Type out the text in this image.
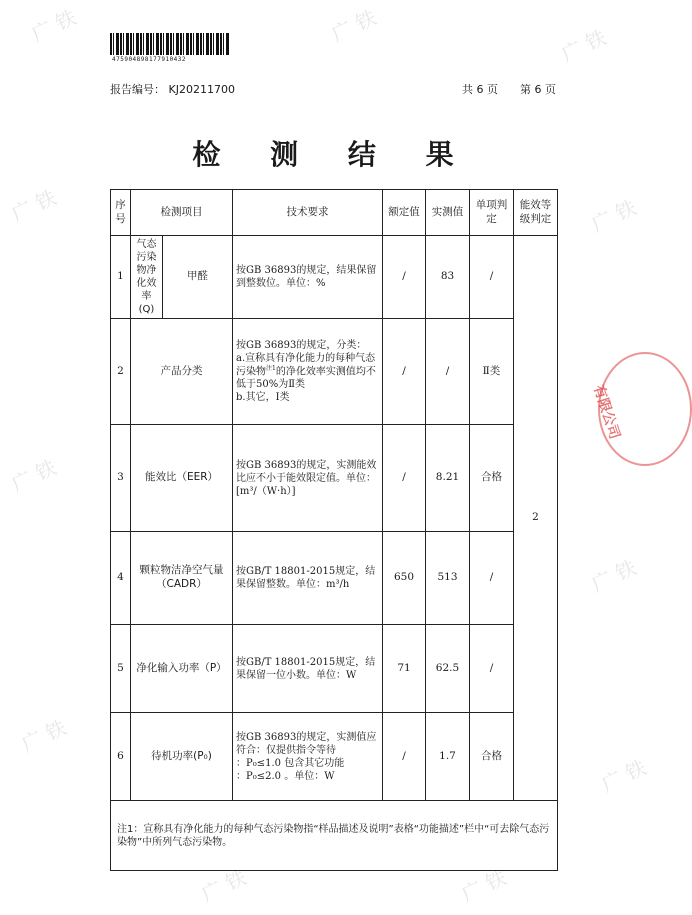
广 铁	广 铁	广 铁
广 铁	广 铁
广 铁
广 铁
广 铁
广 铁
广 铁	广 铁
475904898177910432
报告编号： KJ20211700	共 6 页 第 6 页
检 测 结 果
序号	检测项目		技术要求	额定值	实测值	单项判定	能效等级判定
1	气态污染物净化效率(Q)	甲醛	按GB 36893的规定，结果保留到整数位。单位：%	/	83	/	2
2	产品分类		按GB 36893的规定，分类：
a.宣称具有净化能力的每种气态污染物$^{注1}$的净化效率实测值均不低于50%为Ⅱ类
b.其它，Ⅰ类	/	/	Ⅱ类	
3	能效比（EER）		按GB 36893的规定，实测能效比应不小于能效限定值。单位：[m³/（W·h）]	/	8.21	合格	
4	颗粒物洁净空气量（CADR）		按GB/T 18801-2015规定，结果保留整数。单位：m³/h	650	513	/	
5	净化输入功率（P）		按GB/T 18801-2015规定，结果保留一位小数。单位：W	71	62.5	/	
6	待机功率(P₀)		按GB 36893的规定，实测值应符合：仅提供指令等待
：P₀≤1.0 包含其它功能
：P₀≤2.0 。单位：W	/	1.7	合格	
注1：宣称具有净化能力的每种气态污染物指“样品描述及说明”表格“功能描述”栏中“可去除气态污染物”中所列气态污染物。							
有限公司
